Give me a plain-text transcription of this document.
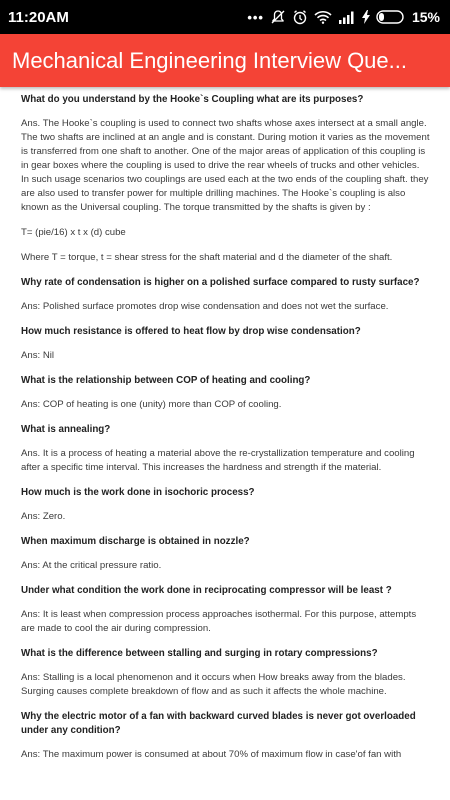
11:20AM	•••	15%
Mechanical Engineering Interview Que...

What do you understand by the Hooke`s Coupling what are its purposes?

Ans. The Hooke`s coupling is used to connect two shafts whose axes intersect at a small angle. The two shafts are inclined at an angle and is constant. During motion it varies as the movement is transferred from one shaft to another. One of the major areas of application of this coupling is in gear boxes where the coupling is used to drive the rear wheels of trucks and other vehicles. In such usage scenarios two couplings are used each at the two ends of the coupling shaft. they are also used to transfer power for multiple drilling machines. The Hooke`s coupling is also known as the Universal coupling. The torque transmitted by the shafts is given by :

T= (pie/16) x t x (d) cube

Where T = torque, t = shear stress for the shaft material and d the diameter of the shaft.

Why rate of condensation is higher on a polished surface compared to rusty surface?

Ans: Polished surface promotes drop wise condensation and does not wet the surface.

How much resistance is offered to heat flow by drop wise condensation?

Ans: Nil

What is the relationship between COP of heating and cooling?

Ans: COP of heating is one (unity) more than COP of cooling.

What is annealing?

Ans. It is a process of heating a material above the re-crystallization temperature and cooling after a specific time interval. This increases the hardness and strength if the material.

How much is the work done in isochoric process?

Ans: Zero.

When maximum discharge is obtained in nozzle?

Ans: At the critical pressure ratio.

Under what condition the work done in reciprocating compressor will be least ?

Ans: It is least when compression process approaches isothermal. For this purpose, attempts are made to cool the air during compression.

What is the difference between stalling and surging in rotary compressions?

Ans: Stalling is a local phenomenon and it occurs when How breaks away from the blades. Surging causes complete breakdown of flow and as such it affects the whole machine.

Why the electric motor of a fan with backward curved blades is never got overloaded under any condition?

Ans: The maximum power is consumed at about 70% of maximum flow in case'of fan with
